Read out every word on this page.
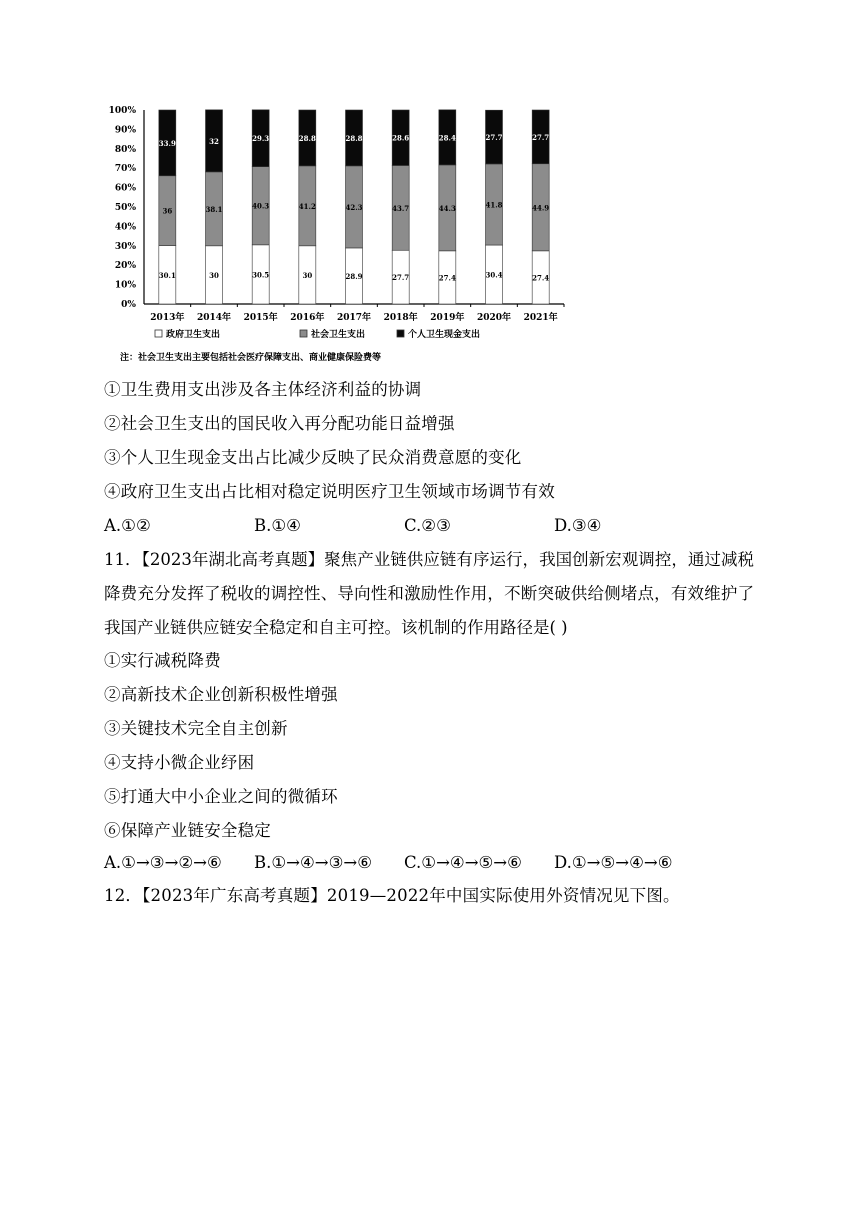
0%
10%
20%
30%
40%
50%
60%
70%
80%
90%
100%
30.1
36
33.9
2013年
30
38.1
32
2014年
30.5
40.3
29.3
2015年
30
41.2
28.8
2016年
28.9
42.3
28.8
2017年
27.7
43.7
28.6
2018年
27.4
44.3
28.4
2019年
30.4
41.8
27.7
2020年
27.4
44.9
27.7
2021年
政府卫生支出	社会卫生支出	个人卫生现金支出
注：社会卫生支出主要包括社会医疗保障支出、商业健康保险费等
①卫生费用支出涉及各主体经济利益的协调
②社会卫生支出的国民收入再分配功能日益增强
③个人卫生现金支出占比减少反映了民众消费意愿的变化
④政府卫生支出占比相对稳定说明医疗卫生领域市场调节有效
A.①②	B.①④	C.②③	D.③④
11．【2023年湖北高考真题】聚焦产业链供应链有序运行，我国创新宏观调控，通过减税降费充分发挥了税收的调控性、导向性和激励性作用，不断突破供给侧堵点，有效维护了我国产业链供应链安全稳定和自主可控。该机制的作用路径是( )
①实行减税降费
②高新技术企业创新积极性增强
③关键技术完全自主创新
④支持小微企业纾困
⑤打通大中小企业之间的微循环
⑥保障产业链安全稳定
A.①→③→②→⑥ B.①→④→③→⑥ C.①→④→⑤→⑥ D.①→⑤→④→⑥
12．【2023年广东高考真题】2019—2022年中国实际使用外资情况见下图。
